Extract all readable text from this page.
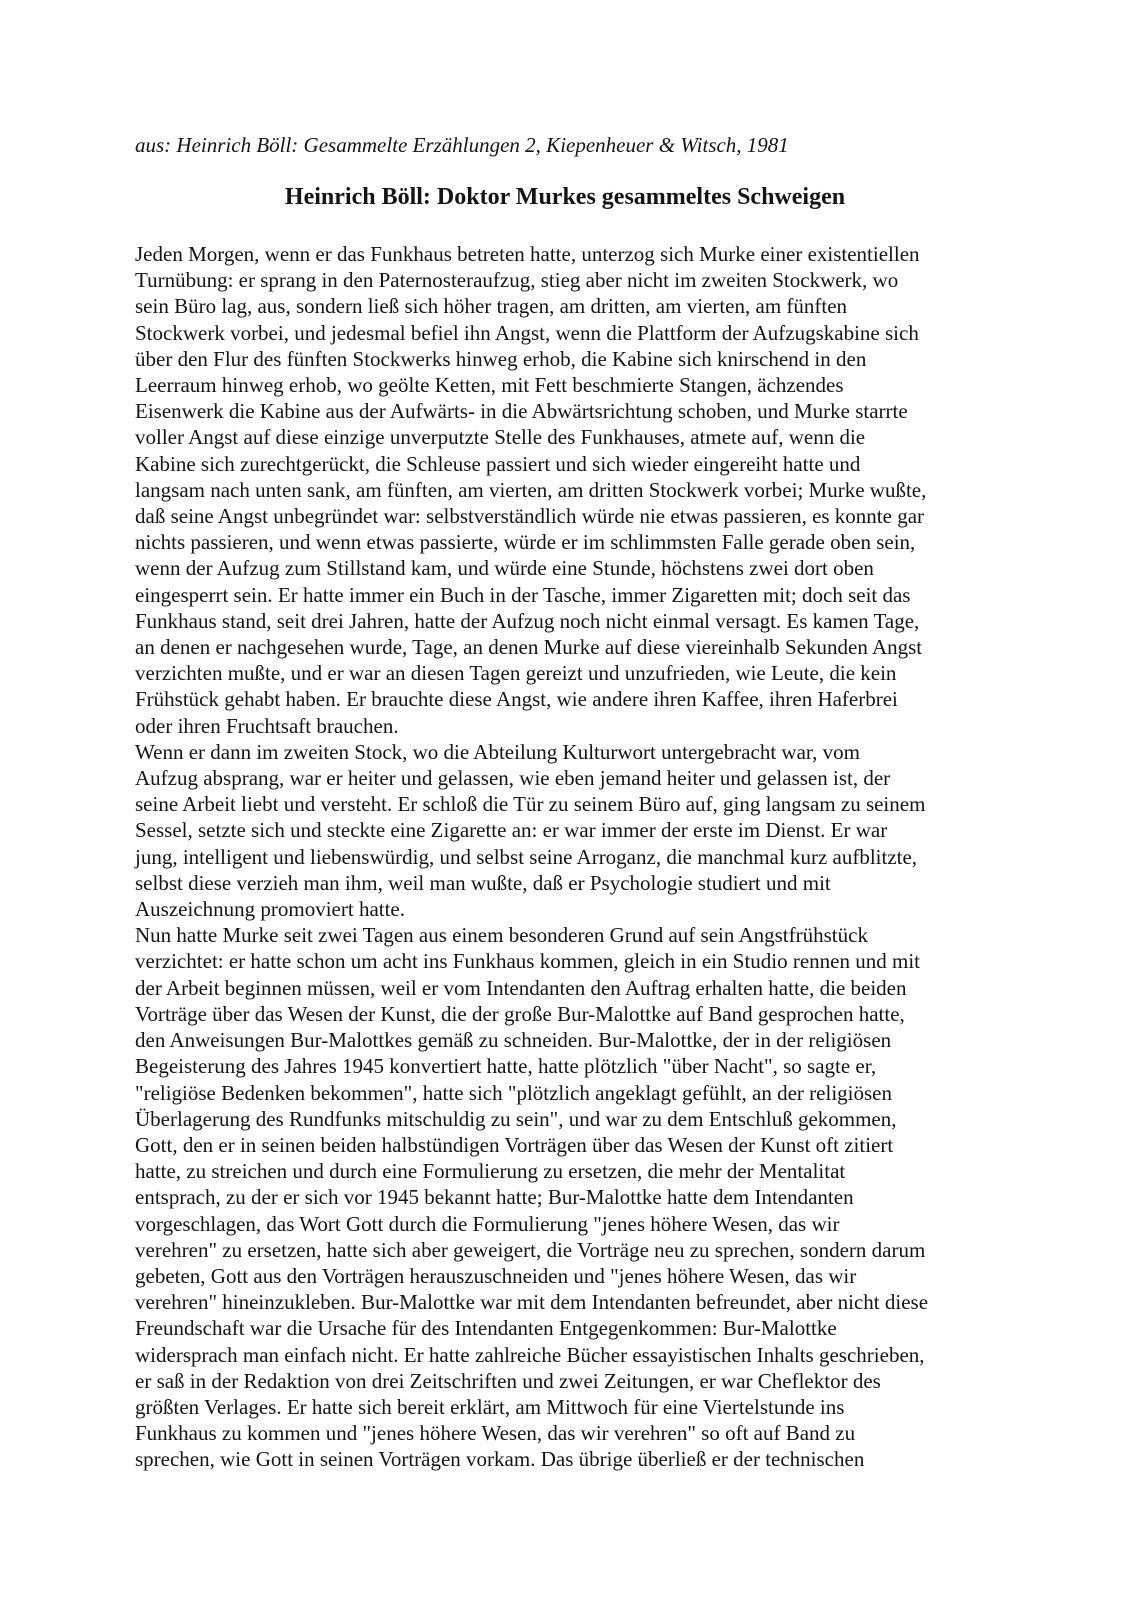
aus: Heinrich Böll: Gesammelte Erzählungen 2, Kiepenheuer & Witsch, 1981
Heinrich Böll: Doktor Murkes gesammeltes Schweigen
Jeden Morgen, wenn er das Funkhaus betreten hatte, unterzog sich Murke einer existentiellen
Turnübung: er sprang in den Paternosteraufzug, stieg aber nicht im zweiten Stockwerk, wo
sein Büro lag, aus, sondern ließ sich höher tragen, am dritten, am vierten, am fünften
Stockwerk vorbei, und jedesmal befiel ihn Angst, wenn die Plattform der Aufzugskabine sich
über den Flur des fünften Stockwerks hinweg erhob, die Kabine sich knirschend in den
Leerraum hinweg erhob, wo geölte Ketten, mit Fett beschmierte Stangen, ächzendes
Eisenwerk die Kabine aus der Aufwärts- in die Abwärtsrichtung schoben, und Murke starrte
voller Angst auf diese einzige unverputzte Stelle des Funkhauses, atmete auf, wenn die
Kabine sich zurechtgerückt, die Schleuse passiert und sich wieder eingereiht hatte und
langsam nach unten sank, am fünften, am vierten, am dritten Stockwerk vorbei; Murke wußte,
daß seine Angst unbegründet war: selbstverständlich würde nie etwas passieren, es konnte gar
nichts passieren, und wenn etwas passierte, würde er im schlimmsten Falle gerade oben sein,
wenn der Aufzug zum Stillstand kam, und würde eine Stunde, höchstens zwei dort oben
eingesperrt sein. Er hatte immer ein Buch in der Tasche, immer Zigaretten mit; doch seit das
Funkhaus stand, seit drei Jahren, hatte der Aufzug noch nicht einmal versagt. Es kamen Tage,
an denen er nachgesehen wurde, Tage, an denen Murke auf diese viereinhalb Sekunden Angst
verzichten mußte, und er war an diesen Tagen gereizt und unzufrieden, wie Leute, die kein
Frühstück gehabt haben. Er brauchte diese Angst, wie andere ihren Kaffee, ihren Haferbrei
oder ihren Fruchtsaft brauchen.
Wenn er dann im zweiten Stock, wo die Abteilung Kulturwort untergebracht war, vom
Aufzug absprang, war er heiter und gelassen, wie eben jemand heiter und gelassen ist, der
seine Arbeit liebt und versteht. Er schloß die Tür zu seinem Büro auf, ging langsam zu seinem
Sessel, setzte sich und steckte eine Zigarette an: er war immer der erste im Dienst. Er war
jung, intelligent und liebenswürdig, und selbst seine Arroganz, die manchmal kurz aufblitzte,
selbst diese verzieh man ihm, weil man wußte, daß er Psychologie studiert und mit
Auszeichnung promoviert hatte.
Nun hatte Murke seit zwei Tagen aus einem besonderen Grund auf sein Angstfrühstück
verzichtet: er hatte schon um acht ins Funkhaus kommen, gleich in ein Studio rennen und mit
der Arbeit beginnen müssen, weil er vom Intendanten den Auftrag erhalten hatte, die beiden
Vorträge über das Wesen der Kunst, die der große Bur-Malottke auf Band gesprochen hatte,
den Anweisungen Bur-Malottkes gemäß zu schneiden. Bur-Malottke, der in der religiösen
Begeisterung des Jahres 1945 konvertiert hatte, hatte plötzlich "über Nacht", so sagte er,
"religiöse Bedenken bekommen", hatte sich "plötzlich angeklagt gefühlt, an der religiösen
Überlagerung des Rundfunks mitschuldig zu sein", und war zu dem Entschluß gekommen,
Gott, den er in seinen beiden halbstündigen Vorträgen über das Wesen der Kunst oft zitiert
hatte, zu streichen und durch eine Formulierung zu ersetzen, die mehr der Mentalitat
entsprach, zu der er sich vor 1945 bekannt hatte; Bur-Malottke hatte dem Intendanten
vorgeschlagen, das Wort Gott durch die Formulierung "jenes höhere Wesen, das wir
verehren" zu ersetzen, hatte sich aber geweigert, die Vorträge neu zu sprechen, sondern darum
gebeten, Gott aus den Vorträgen herauszuschneiden und "jenes höhere Wesen, das wir
verehren" hineinzukleben. Bur-Malottke war mit dem Intendanten befreundet, aber nicht diese
Freundschaft war die Ursache für des Intendanten Entgegenkommen: Bur-Malottke
widersprach man einfach nicht. Er hatte zahlreiche Bücher essayistischen Inhalts geschrieben,
er saß in der Redaktion von drei Zeitschriften und zwei Zeitungen, er war Cheflektor des
größten Verlages. Er hatte sich bereit erklärt, am Mittwoch für eine Viertelstunde ins
Funkhaus zu kommen und "jenes höhere Wesen, das wir verehren" so oft auf Band zu
sprechen, wie Gott in seinen Vorträgen vorkam. Das übrige überließ er der technischen
